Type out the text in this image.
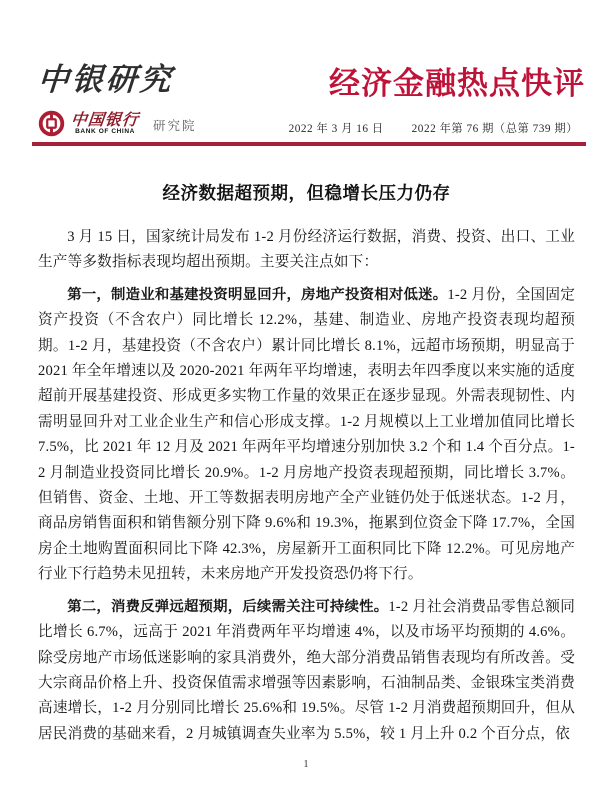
中银研究	经济金融热点快评
中国银行
BANK OF CHINA 研究院	2022 年 3 月 16 日 2022 年第 76 期（总第 739 期）
经济数据超预期，但稳增长压力仍存

3 月 15 日，国家统计局发布 1-2 月份经济运行数据，消费、投资、出口、工业生产等多数指标表现均超出预期。主要关注点如下：

第一，制造业和基建投资明显回升，房地产投资相对低迷。1-2 月份，全国固定资产投资（不含农户）同比增长 12.2%，基建、制造业、房地产投资表现均超预期。1-2 月，基建投资（不含农户）累计同比增长 8.1%，远超市场预期，明显高于 2021 年全年增速以及 2020-2021 年两年平均增速，表明去年四季度以来实施的适度超前开展基建投资、形成更多实物工作量的效果正在逐步显现。外需表现韧性、内需明显回升对工业企业生产和信心形成支撑。1-2 月规模以上工业增加值同比增长 7.5%，比 2021 年 12 月及 2021 年两年平均增速分别加快 3.2 个和 1.4 个百分点。1-2 月制造业投资同比增长 20.9%。1-2 月房地产投资表现超预期，同比增长 3.7%。但销售、资金、土地、开工等数据表明房地产全产业链仍处于低迷状态。1-2 月，商品房销售面积和销售额分别下降 9.6%和 19.3%，拖累到位资金下降 17.7%，全国房企土地购置面积同比下降 42.3%，房屋新开工面积同比下降 12.2%。可见房地产行业下行趋势未见扭转，未来房地产开发投资恐仍将下行。

第二，消费反弹远超预期，后续需关注可持续性。1-2 月社会消费品零售总额同比增长 6.7%，远高于 2021 年消费两年平均增速 4%，以及市场平均预期的 4.6%。除受房地产市场低迷影响的家具消费外，绝大部分消费品销售表现均有所改善。受大宗商品价格上升、投资保值需求增强等因素影响，石油制品类、金银珠宝类消费高速增长，1-2 月分别同比增长 25.6%和 19.5%。尽管 1-2 月消费超预期回升，但从居民消费的基础来看，2 月城镇调查失业率为 5.5%，较 1 月上升 0.2 个百分点，依

1
